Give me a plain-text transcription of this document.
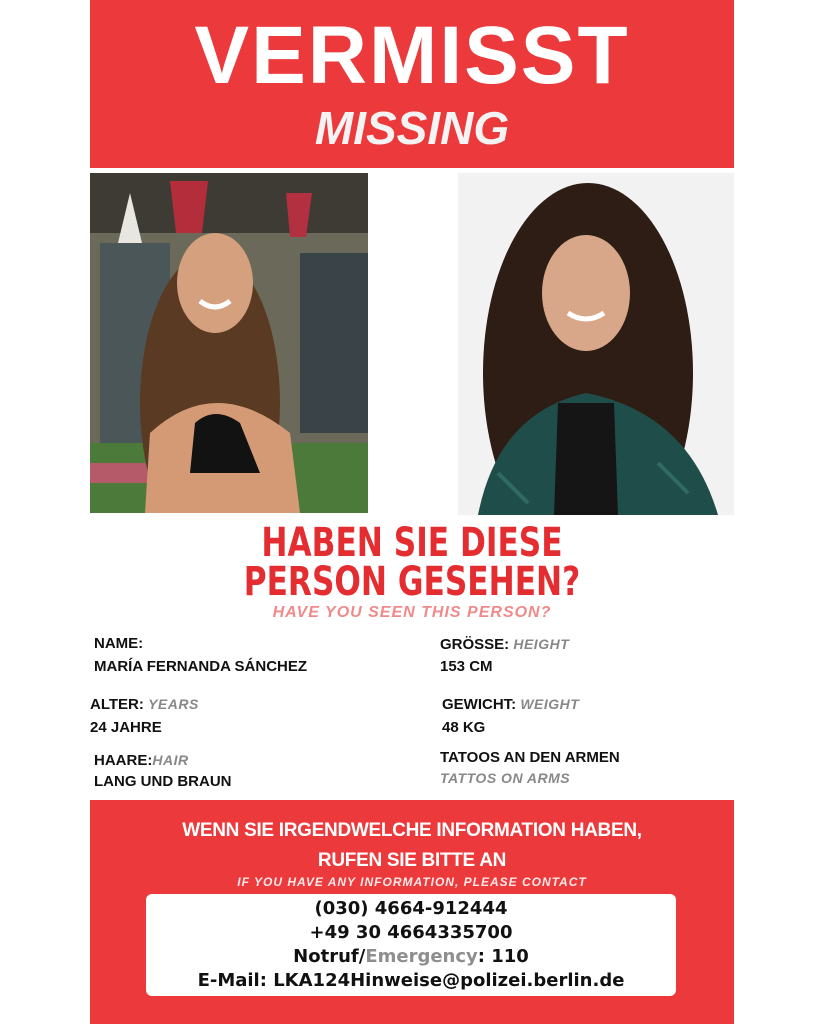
VERMISST
MISSING
HABEN SIE DIESE
PERSON GESEHEN?
HAVE YOU SEEN THIS PERSON?
NAME:
MARÍA FERNANDA SÁNCHEZ
ALTER: YEARS
24 JAHRE
HAARE:HAIR
LANG UND BRAUN
GRÖSSE: HEIGHT
153 CM
GEWICHT: WEIGHT
48 KG
TATOOS AN DEN ARMEN
TATTOS ON ARMS
WENN SIE IRGENDWELCHE INFORMATION HABEN,
RUFEN SIE BITTE AN
IF YOU HAVE ANY INFORMATION, PLEASE CONTACT
(030) 4664-912444
+49 30 4664335700
Notruf/Emergency: 110
E-Mail: LKA124Hinweise@polizei.berlin.de
